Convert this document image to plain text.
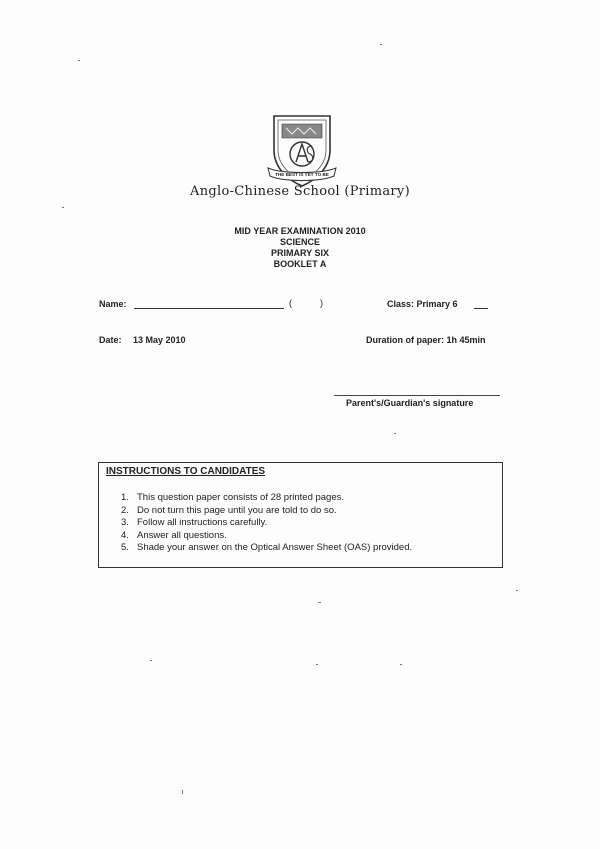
THE BEST IS YET TO BE
Anglo-Chinese School (Primary)
MID YEAR EXAMINATION 2010
SCIENCE
PRIMARY SIX
BOOKLET A
Name:	(	)	Class: Primary 6
Date: 13 May 2010	Duration of paper: 1h 45min
Parent's/Guardian's signature
INSTRUCTIONS TO CANDIDATES
1. This question paper consists of 28 printed pages.
2. Do not turn this page until you are told to do so.
3. Follow all instructions carefully.
4. Answer all questions.
5. Shade your answer on the Optical Answer Sheet (OAS) provided.
